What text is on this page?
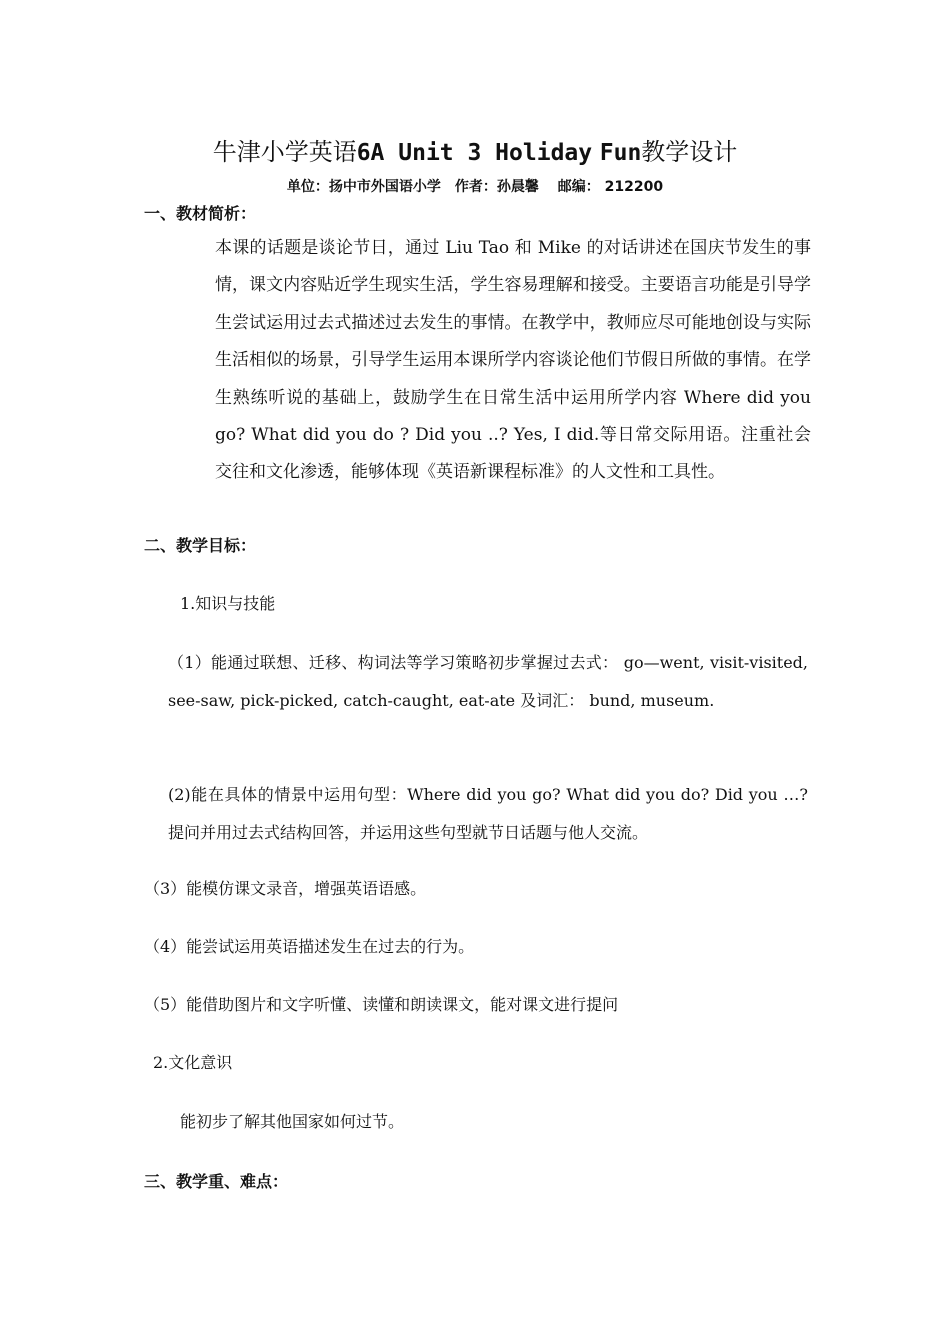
牛津小学英语6A Unit 3 Holiday Fun教学设计
单位：扬中市外国语小学　作者：孙晨馨　 邮编： 212200
一、教材简析：
本课的话题是谈论节日，通过 Liu Tao 和 Mike 的对话讲述在国庆节发生的事情，课文内容贴近学生现实生活，学生容易理解和接受。主要语言功能是引导学生尝试运用过去式描述过去发生的事情。在教学中，教师应尽可能地创设与实际生活相似的场景，引导学生运用本课所学内容谈论他们节假日所做的事情。在学生熟练听说的基础上，鼓励学生在日常生活中运用所学内容 Where did you go? What did you do ? Did you ..? Yes, I did.等日常交际用语。注重社会交往和文化渗透，能够体现《英语新课程标准》的人文性和工具性。
二、教学目标：
1.知识与技能
（1）能通过联想、迁移、构词法等学习策略初步掌握过去式： go—went, visit-visited, see-saw, pick-picked, catch-caught, eat-ate 及词汇： bund, museum.
(2)能在具体的情景中运用句型：Where did you go? What did you do? Did you …?　提问并用过去式结构回答，并运用这些句型就节日话题与他人交流。
（3）能模仿课文录音，增强英语语感。
（4）能尝试运用英语描述发生在过去的行为。
（5）能借助图片和文字听懂、读懂和朗读课文，能对课文进行提问
2.文化意识
能初步了解其他国家如何过节。
三、教学重、难点：
